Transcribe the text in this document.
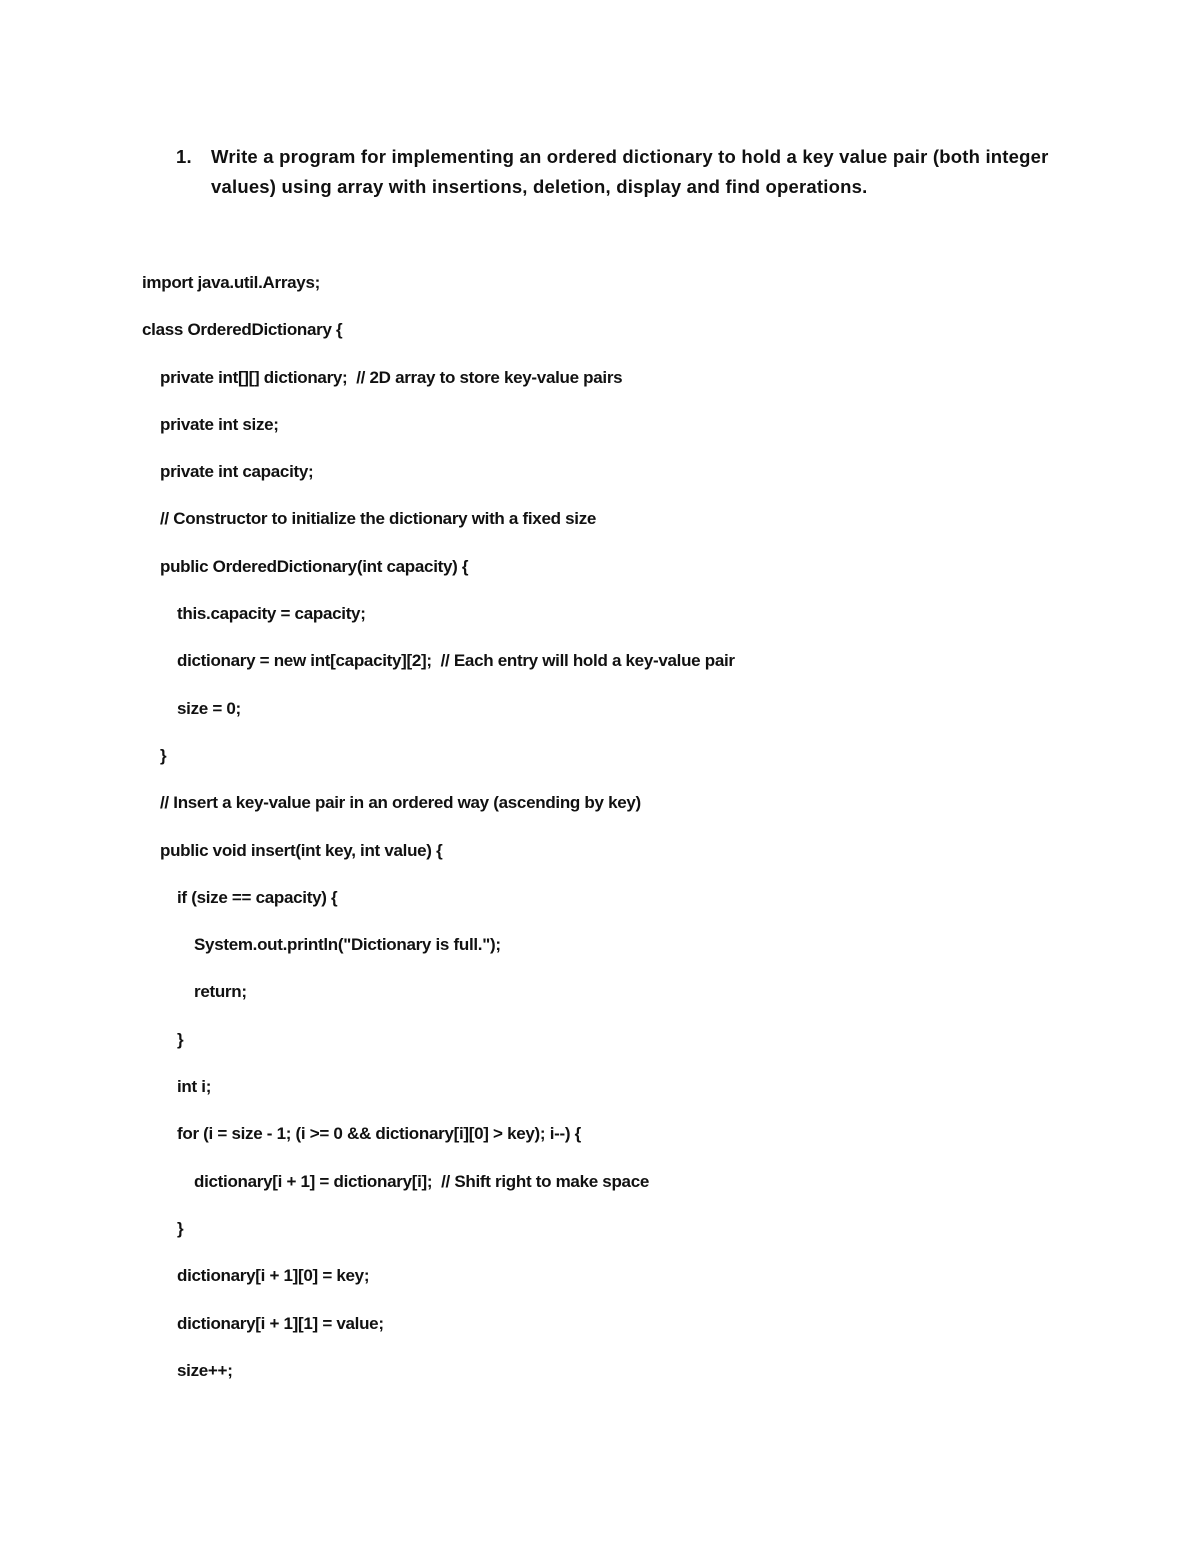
1.	Write a program for implementing an ordered dictionary to hold a key value pair (both integer values) using array with insertions, deletion, display and find operations.
import java.util.Arrays;
class OrderedDictionary {
private int[][] dictionary;  // 2D array to store key-value pairs
private int size;
private int capacity;
// Constructor to initialize the dictionary with a fixed size
public OrderedDictionary(int capacity) {
this.capacity = capacity;
dictionary = new int[capacity][2];  // Each entry will hold a key-value pair
size = 0;
}
// Insert a key-value pair in an ordered way (ascending by key)
public void insert(int key, int value) {
if (size == capacity) {
System.out.println("Dictionary is full.");
return;
}
int i;
for (i = size - 1; (i >= 0 && dictionary[i][0] > key); i--) {
dictionary[i + 1] = dictionary[i];  // Shift right to make space
}
dictionary[i + 1][0] = key;
dictionary[i + 1][1] = value;
size++;
